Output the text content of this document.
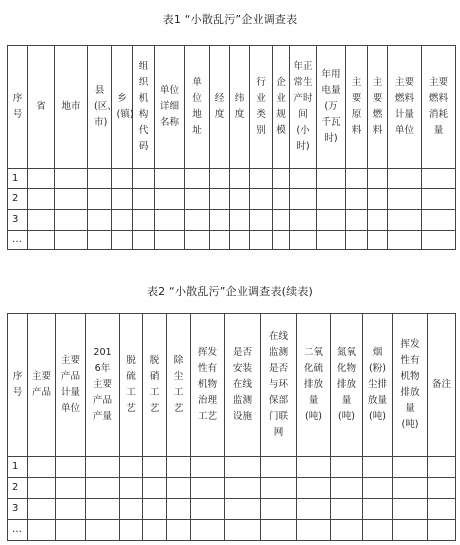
表1 “小散乱污”企业调查表
序号	省	地市	县(区、市)	乡(镇)	组织机构代码	单位详细名称	单位地址	经度	纬度	行业类别	企业规模	年正常生产时间(小时)	年用电量(万千瓦时)	主要原料	主要燃料	主要燃料计量单位	主要燃料消耗量

1																	
2																	
3																	
…																	
表2 “小散乱污”企业调查表(续表)
序号	主要产品	主要产品计量单位	2016年主要产品产量	脱硫工艺	脱硝工艺	除尘工艺	挥发性有机物治理工艺	是否安装在线监测设施	在线监测是否与环保部门联网	二氧化硫排放量(吨)	氮氧化物排放量(吨)	烟(粉)尘排放量(吨)	挥发性有机物排放量(吨)	备注

1														
2														
3														
…														
